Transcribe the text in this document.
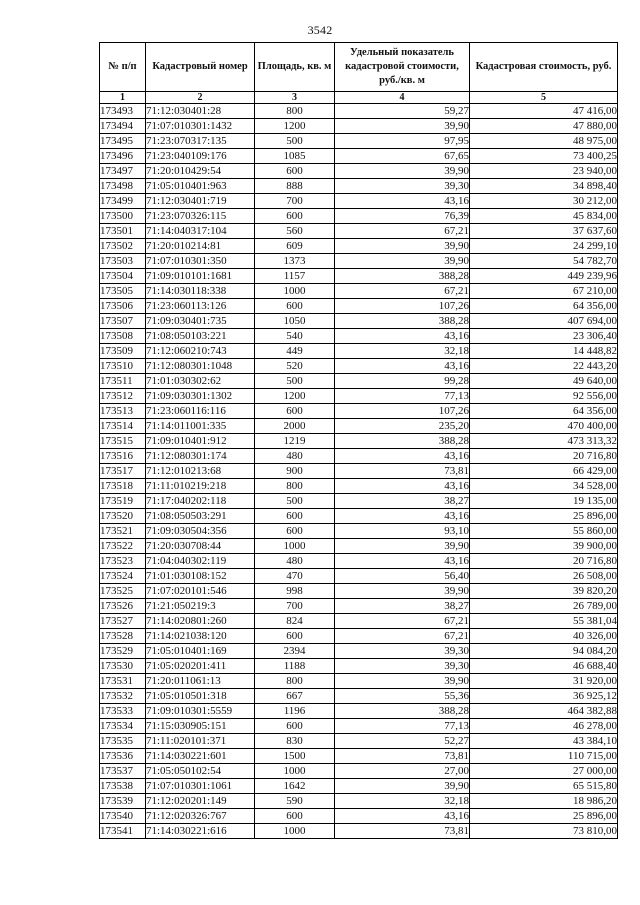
3542
№ п/п	Кадастровый номер	Площадь, кв. м	Удельный показатель кадастровой стоимости, руб./кв. м	Кадастровая стоимость, руб.
1	2	3	4	5
173493	71:12:030401:28	800	59,27	47 416,00
173494	71:07:010301:1432	1200	39,90	47 880,00
173495	71:23:070317:135	500	97,95	48 975,00
173496	71:23:040109:176	1085	67,65	73 400,25
173497	71:20:010429:54	600	39,90	23 940,00
173498	71:05:010401:963	888	39,30	34 898,40
173499	71:12:030401:719	700	43,16	30 212,00
173500	71:23:070326:115	600	76,39	45 834,00
173501	71:14:040317:104	560	67,21	37 637,60
173502	71:20:010214:81	609	39,90	24 299,10
173503	71:07:010301:350	1373	39,90	54 782,70
173504	71:09:010101:1681	1157	388,28	449 239,96
173505	71:14:030118:338	1000	67,21	67 210,00
173506	71:23:060113:126	600	107,26	64 356,00
173507	71:09:030401:735	1050	388,28	407 694,00
173508	71:08:050103:221	540	43,16	23 306,40
173509	71:12:060210:743	449	32,18	14 448,82
173510	71:12:080301:1048	520	43,16	22 443,20
173511	71:01:030302:62	500	99,28	49 640,00
173512	71:09:030301:1302	1200	77,13	92 556,00
173513	71:23:060116:116	600	107,26	64 356,00
173514	71:14:011001:335	2000	235,20	470 400,00
173515	71:09:010401:912	1219	388,28	473 313,32
173516	71:12:080301:174	480	43,16	20 716,80
173517	71:12:010213:68	900	73,81	66 429,00
173518	71:11:010219:218	800	43,16	34 528,00
173519	71:17:040202:118	500	38,27	19 135,00
173520	71:08:050503:291	600	43,16	25 896,00
173521	71:09:030504:356	600	93,10	55 860,00
173522	71:20:030708:44	1000	39,90	39 900,00
173523	71:04:040302:119	480	43,16	20 716,80
173524	71:01:030108:152	470	56,40	26 508,00
173525	71:07:020101:546	998	39,90	39 820,20
173526	71:21:050219:3	700	38,27	26 789,00
173527	71:14:020801:260	824	67,21	55 381,04
173528	71:14:021038:120	600	67,21	40 326,00
173529	71:05:010401:169	2394	39,30	94 084,20
173530	71:05:020201:411	1188	39,30	46 688,40
173531	71:20:011061:13	800	39,90	31 920,00
173532	71:05:010501:318	667	55,36	36 925,12
173533	71:09:010301:5559	1196	388,28	464 382,88
173534	71:15:030905:151	600	77,13	46 278,00
173535	71:11:020101:371	830	52,27	43 384,10
173536	71:14:030221:601	1500	73,81	110 715,00
173537	71:05:050102:54	1000	27,00	27 000,00
173538	71:07:010301:1061	1642	39,90	65 515,80
173539	71:12:020201:149	590	32,18	18 986,20
173540	71:12:020326:767	600	43,16	25 896,00
173541	71:14:030221:616	1000	73,81	73 810,00
